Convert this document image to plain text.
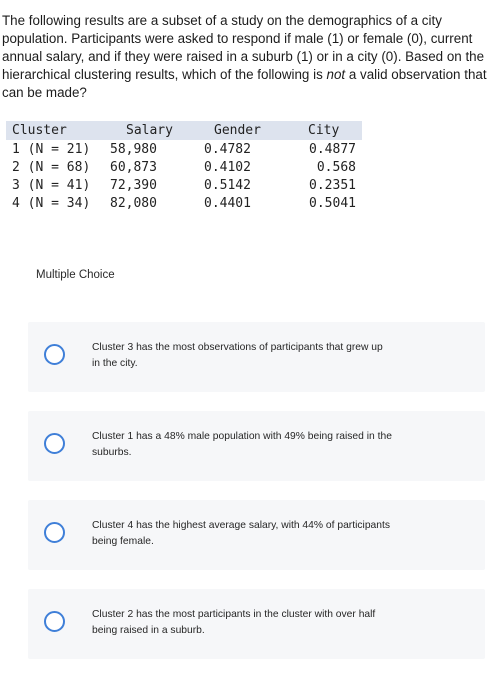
The following results are a subset of a study on the demographics of a city population. Participants were asked to respond if male (1) or female (0), current annual salary, and if they were raised in a suburb (1) or in a city (0). Based on the hierarchical clustering results, which of the following is not a valid observation that can be made?
Cluster	Salary	Gender	City
1 (N = 21)	58,980	0.4782	0.4877
2 (N = 68)	60,873	0.4102	0.568
3 (N = 41)	72,390	0.5142	0.2351
4 (N = 34)	82,080	0.4401	0.5041
Multiple Choice
Cluster 3 has the most observations of participants that grew up in the city.
Cluster 1 has a 48% male population with 49% being raised in the suburbs.
Cluster 4 has the highest average salary, with 44% of participants being female.
Cluster 2 has the most participants in the cluster with over half being raised in a suburb.
